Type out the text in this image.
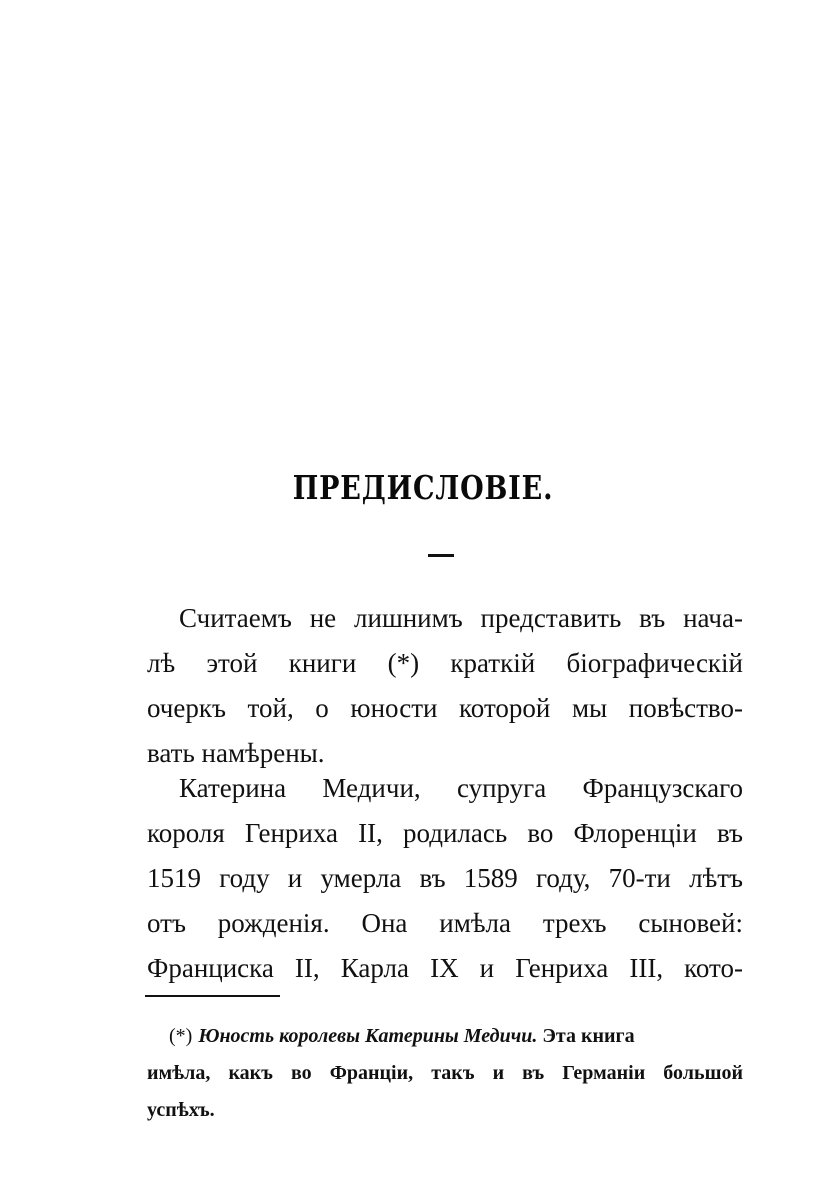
ПРЕДИСЛОВІЕ.
Считаемъ не лишнимъ представить въ нача-
лѣ этой книги (*) краткій біографическій
очеркъ той, о юности которой мы повѣство-
вать намѣрены.
Катерина Медичи, супруга Французскаго
короля Генриха II, родилась во Флоренціи въ
1519 году и умерла въ 1589 году, 70-ти лѣтъ
отъ рожденія. Она имѣла трехъ сыновей:
Франциска II, Карла IX и Генриха III, кото-
(*) Юность королевы Катерины Медичи. Эта книга
имѣла, какъ во Франціи, такъ и въ Германіи большой
успѣхъ.
